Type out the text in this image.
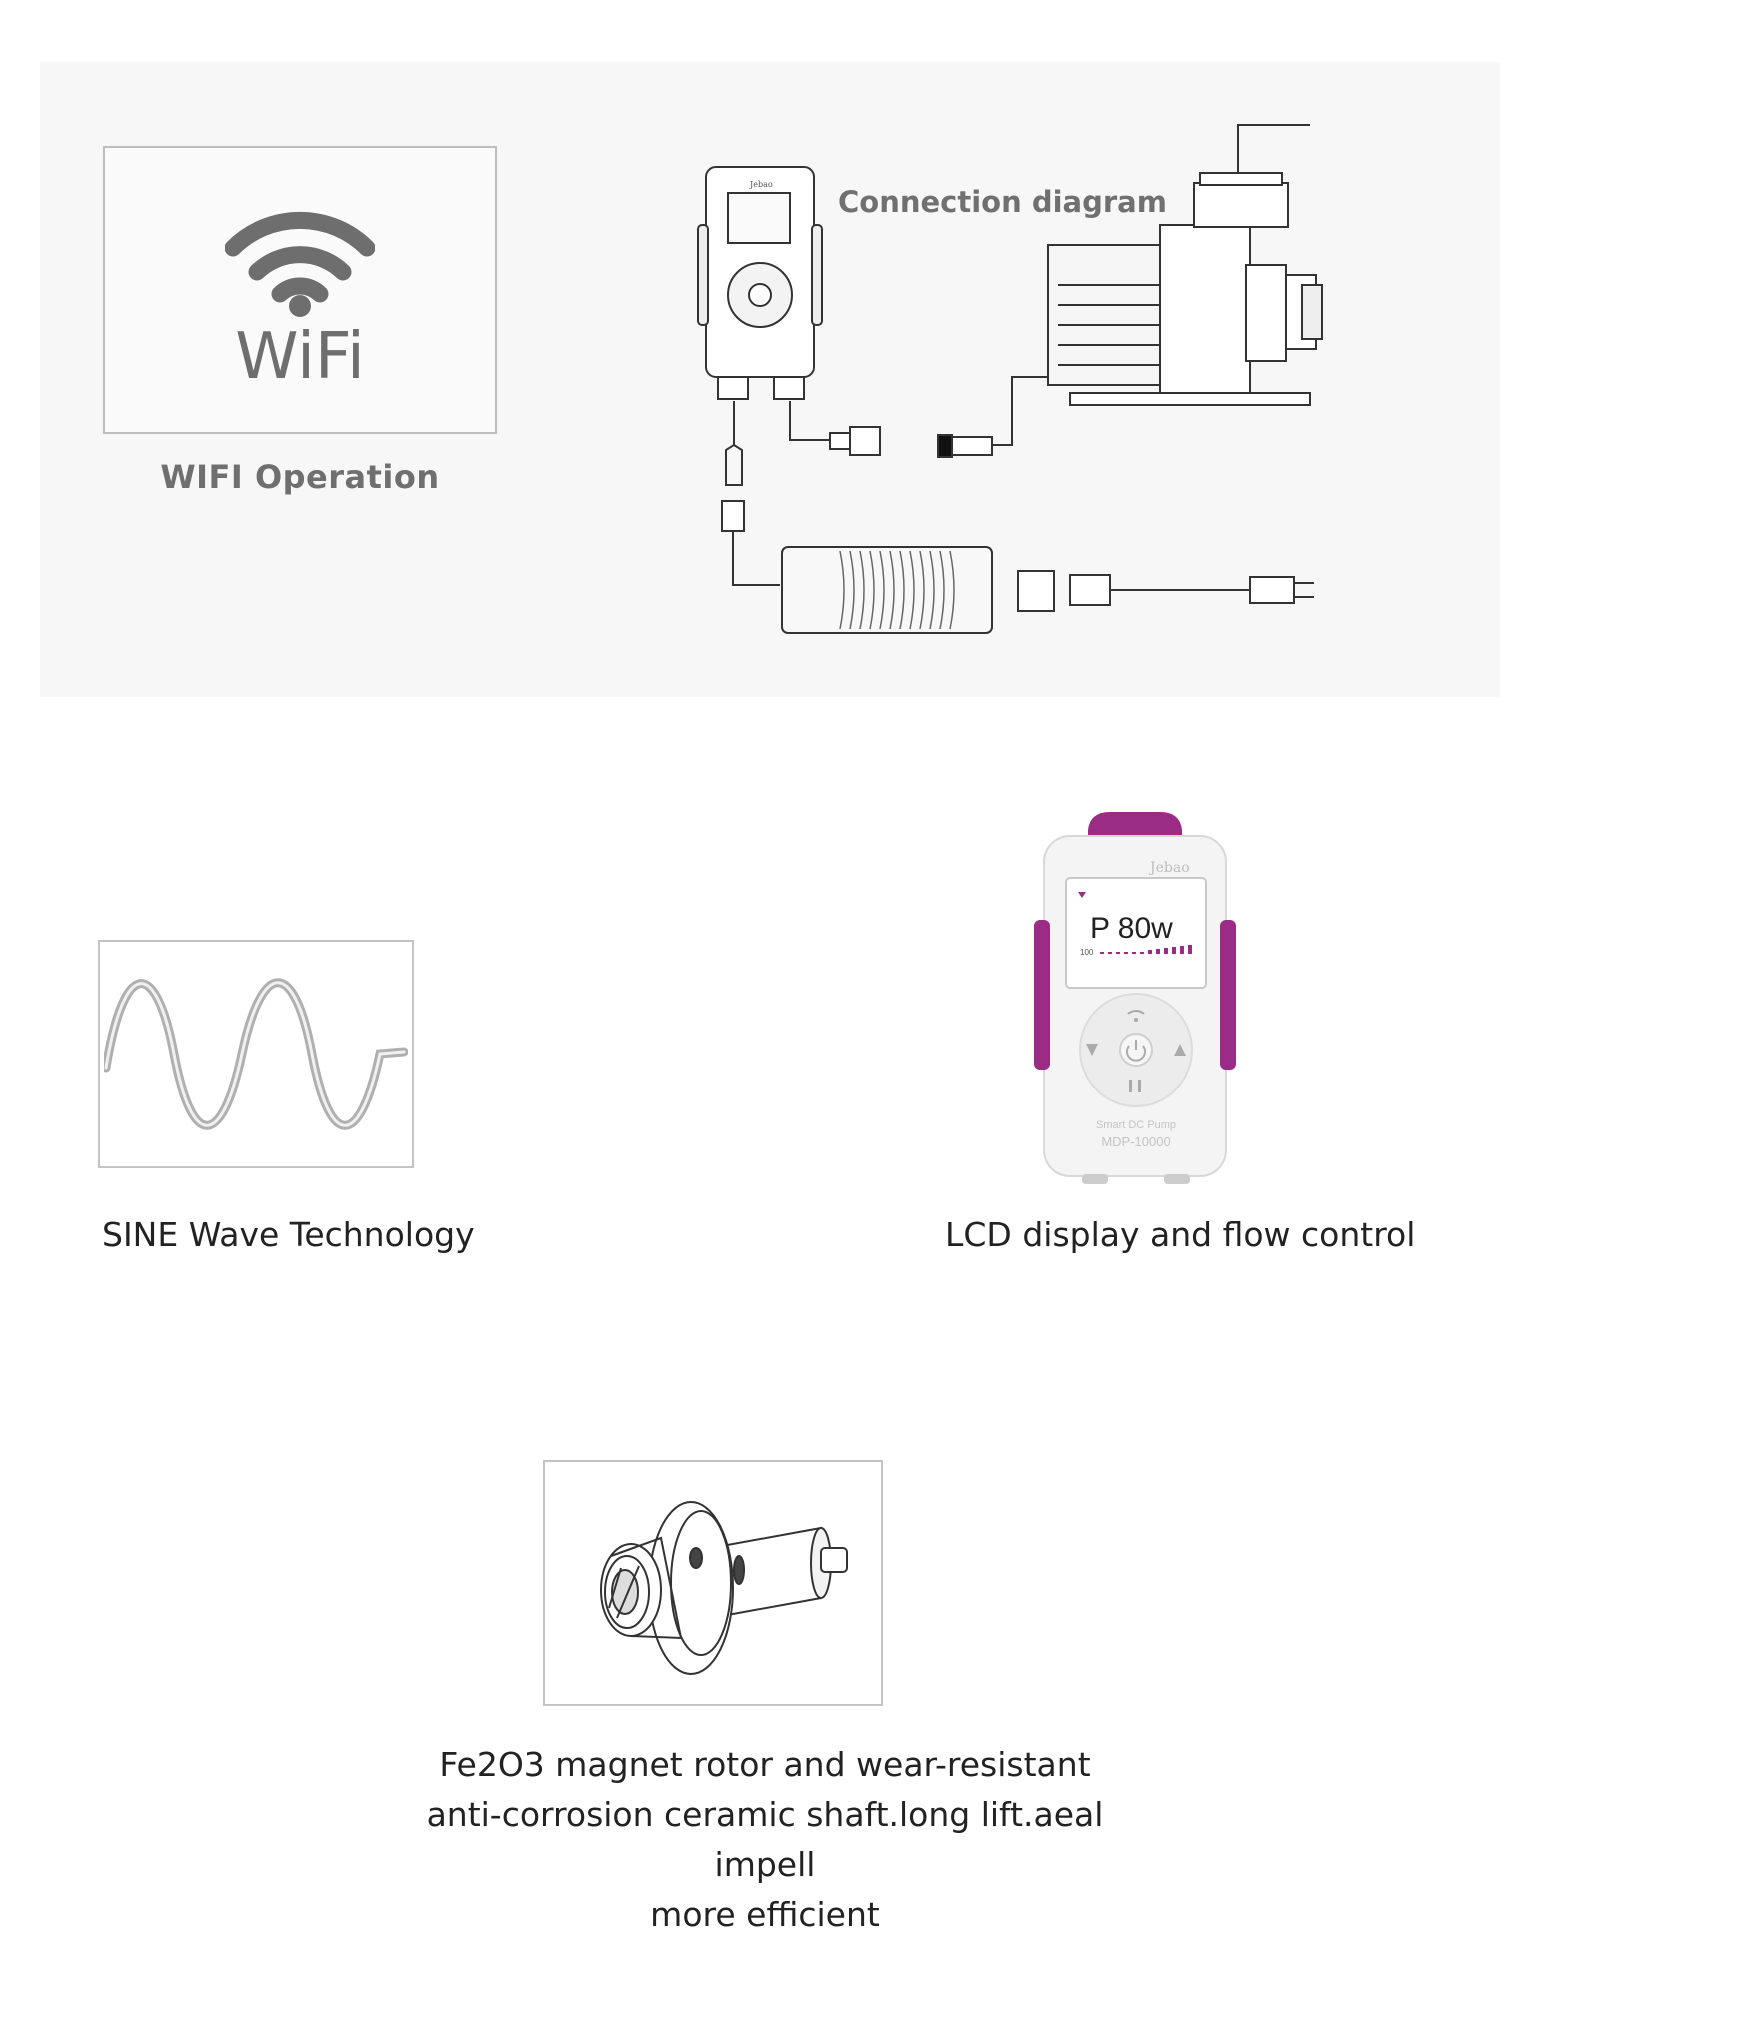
WiFi
WIFI Operation
Jebao
Connection diagram
SINE Wave Technology
Jebao
100
Smart DC Pump
MDP-10000
P 80w
LCD display and flow control
Fe2O3 magnet rotor and wear-resistant
anti-corrosion ceramic shaft.long lift.aeal impell
more efficient
